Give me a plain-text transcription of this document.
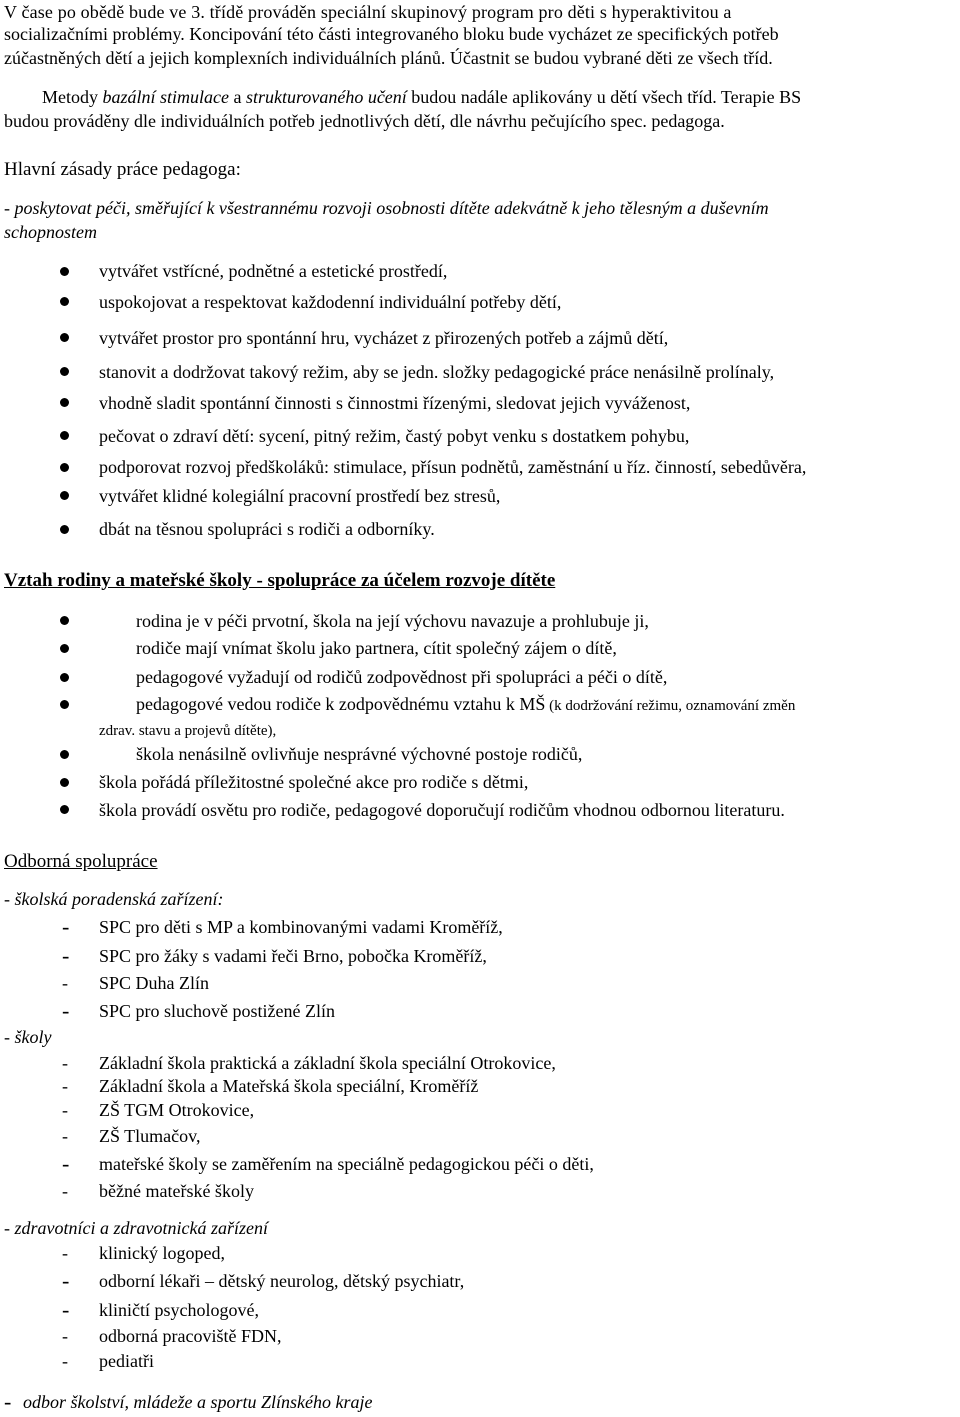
V čase po obědě bude ve 3. třídě prováděn speciální skupinový program pro děti s hyperaktivitou a
socializačními problémy. Koncipování této části integrovaného bloku bude vycházet ze specifických potřeb
zúčastněných dětí a jejich komplexních individuálních plánů. Účastnit se budou vybrané děti ze všech tříd.
Metody bazální stimulace a strukturovaného učení budou nadále aplikovány u dětí všech tříd. Terapie BS
budou prováděny dle individuálních potřeb jednotlivých dětí, dle návrhu pečujícího spec. pedagoga.
Hlavní zásady práce pedagoga:
- poskytovat péči, směřující k všestrannému rozvoji osobnosti dítěte adekvátně k jeho tělesným a duševním
schopnostem
vytvářet vstřícné, podnětné a estetické prostředí,
uspokojovat a respektovat každodenní individuální potřeby dětí,
vytvářet prostor pro spontánní hru, vycházet z přirozených potřeb a zájmů dětí,
stanovit a dodržovat takový režim, aby se jedn. složky pedagogické práce nenásilně prolínaly,
vhodně sladit spontánní činnosti s činnostmi řízenými, sledovat jejich vyváženost,
pečovat o zdraví dětí: sycení, pitný režim, častý pobyt venku s dostatkem pohybu,
podporovat rozvoj předškoláků: stimulace, přísun podnětů, zaměstnání u říz. činností, sebedůvěra,
vytvářet klidné kolegiální pracovní prostředí bez stresů,
dbát na těsnou spolupráci s rodiči a odborníky.
Vztah rodiny a mateřské školy - spolupráce za účelem rozvoje dítěte
rodina je v péči prvotní, škola na její výchovu navazuje a prohlubuje ji,
rodiče mají vnímat školu jako partnera, cítit společný zájem o dítě,
pedagogové vyžadují od rodičů zodpovědnost při spolupráci a péči o dítě,
pedagogové vedou rodiče k zodpovědnému vztahu k MŠ (k dodržování režimu, oznamování změn
zdrav. stavu a projevů dítěte),
škola nenásilně ovlivňuje nesprávné výchovné postoje rodičů,
škola pořádá příležitostné společné akce pro rodiče s dětmi,
škola provádí osvětu pro rodiče, pedagogové doporučují rodičům vhodnou odbornou literaturu.
Odborná spolupráce
- školská poradenská zařízení:
- SPC pro děti s MP a kombinovanými vadami Kroměříž,
- SPC pro žáky s vadami řeči Brno, pobočka Kroměříž,
- SPC Duha Zlín
- SPC pro sluchově postižené Zlín
- školy
- Základní škola praktická a základní škola speciální Otrokovice,
- Základní škola a Mateřská škola speciální, Kroměříž
- ZŠ TGM Otrokovice,
- ZŠ Tlumačov,
- mateřské školy se zaměřením na speciálně pedagogickou péči o děti,
- běžné mateřské školy
- zdravotníci a zdravotnická zařízení
- klinický logoped,
- odborní lékaři – dětský neurolog, dětský psychiatr,
- kliničtí psychologové,
- odborná pracoviště FDN,
- pediatři
- odbor školství, mládeže a sportu Zlínského kraje
